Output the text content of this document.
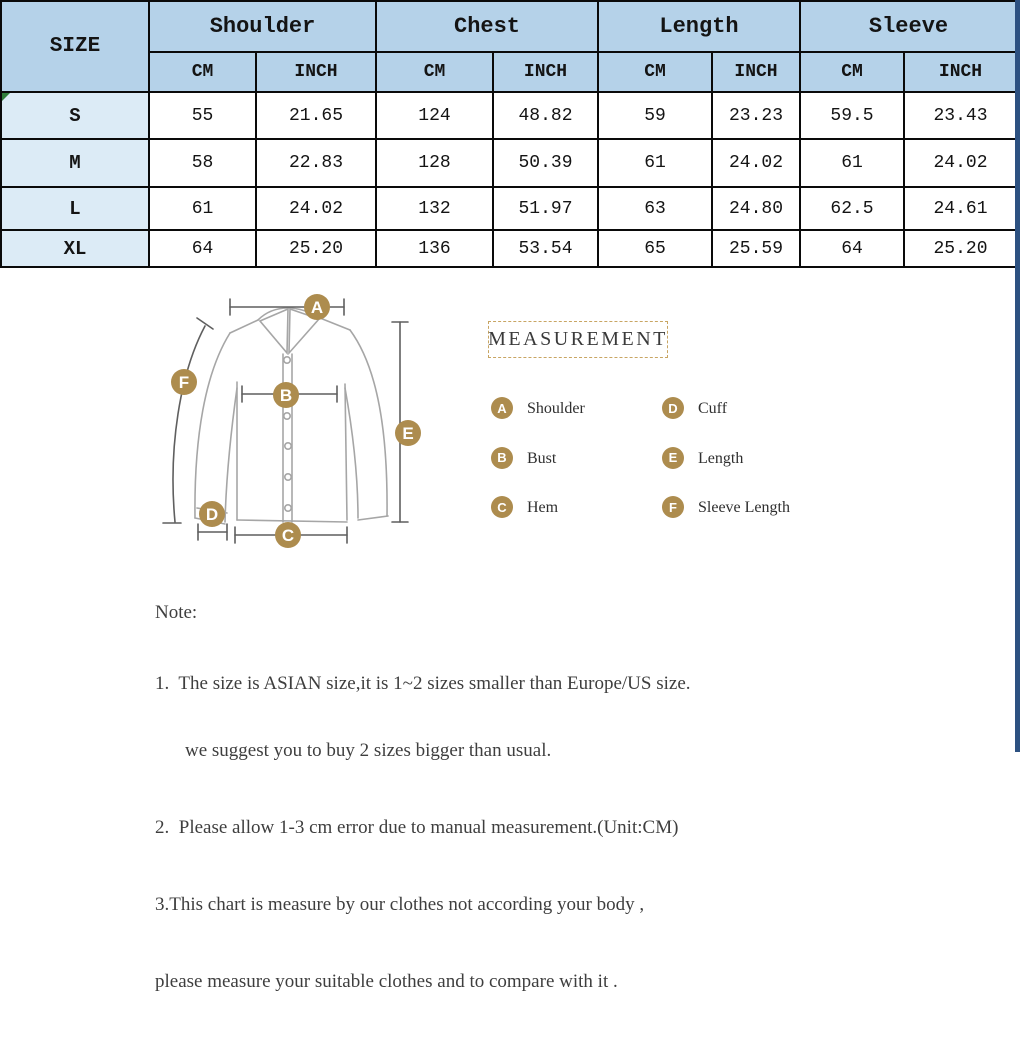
SIZE	Shoulder		Chest		Length		Sleeve	
	CM	INCH	CM	INCH	CM	INCH	CM	INCH
S	55	21.65	124	48.82	59	23.23	59.5	23.43
M	58	22.83	128	50.39	61	24.02	61	24.02
L	61	24.02	132	51.97	63	24.80	62.5	24.61
XL	64	25.20	136	53.54	65	25.59	64	25.20
A
B
C
D
E
F
MEASUREMENT
A	Shoulder	D	Cuff
B	Bust	E	Length
C	Hem	F	Sleeve Length

Note:

1.  The size is ASIAN size,it is 1~2 sizes smaller than Europe/US size.

we suggest you to buy 2 sizes bigger than usual.

2.  Please allow 1-3 cm error due to manual measurement.(Unit:CM)

3.This chart is measure by our clothes not according your body ,

please measure your suitable clothes and to compare with it .
